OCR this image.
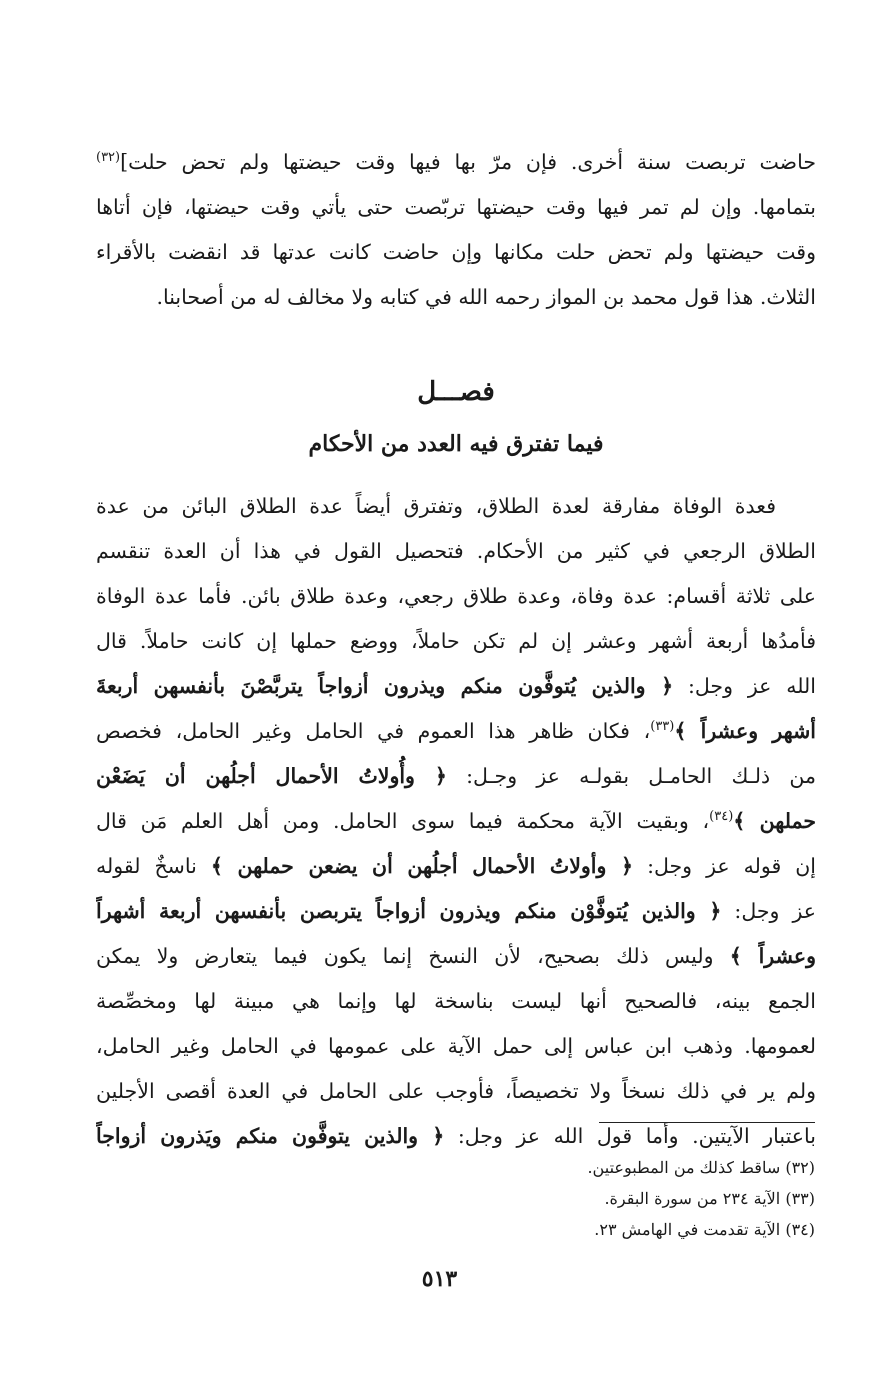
حاضت تربصت سنة أخرى. فإن مرّ بها فيها وقت حيضتها ولم تحض حلت]$^{(٣٢)}$
بتمامها. وإن لم تمر فيها وقت حيضتها تربّصت حتى يأتي وقت حيضتها، فإن أتاها
وقت حيضتها ولم تحض حلت مكانها وإن حاضت كانت عدتها قد انقضت بالأقراء
الثلاث. هذا قول محمد بن المواز رحمه الله في كتابه ولا مخالف له من أصحابنا.

فصـــل
فيما تفترق فيه العدد من الأحكام

فعدة الوفاة مفارقة لعدة الطلاق، وتفترق أيضاً عدة الطلاق البائن من عدة
الطلاق الرجعي في كثير من الأحكام. فتحصيل القول في هذا أن العدة تنقسم
على ثلاثة أقسام: عدة وفاة، وعدة طلاق رجعي، وعدة طلاق بائن. فأما عدة الوفاة
فأمدُها أربعة أشهر وعشر إن لم تكن حاملاً، ووضع حملها إن كانت حاملاً. قال
الله عز وجل: ﴿ والذين يُتوفَّون منكم ويذرون أزواجاً يتربَّصْنَ بأنفسهن أربعةَ
أشهر وعشراً ﴾$^{(٣٣)}$، فكان ظاهر هذا العموم في الحامل وغير الحامل، فخصص
من ذلـك الحامـل بقولـه عز وجـل: ﴿ وأُولاتُ الأحمال أجلُهن أن يَضَعْن
حملهن ﴾$^{(٣٤)}$، وبقيت الآية محكمة فيما سوى الحامل. ومن أهل العلم مَن قال
إن قوله عز وجل: ﴿ وأولاتُ الأحمال أجلُهن أن يضعن حملهن ﴾ ناسخٌ لقوله
عز وجل: ﴿ والذين يُتوفَّوْن منكم ويذرون أزواجاً يتربصن بأنفسهن أربعة أشهراً
وعشراً ﴾ وليس ذلك بصحيح، لأن النسخ إنما يكون فيما يتعارض ولا يمكن
الجمع بينه، فالصحيح أنها ليست بناسخة لها وإنما هي مبينة لها ومخصِّصة
لعمومها. وذهب ابن عباس إلى حمل الآية على عمومها في الحامل وغير الحامل،
ولم ير في ذلك نسخاً ولا تخصيصاً، فأوجب على الحامل في العدة أقصى الأجلين
باعتبار الآيتين. وأما قول الله عز وجل: ﴿ والذين يتوفَّون منكم ويَذرون أزواجاً

(٣٢) ساقط كذلك من المطبوعتين.
(٣٣) الآية ٢٣٤ من سورة البقرة.
(٣٤) الآية تقدمت في الهامش ٢٣.
٥١٣
